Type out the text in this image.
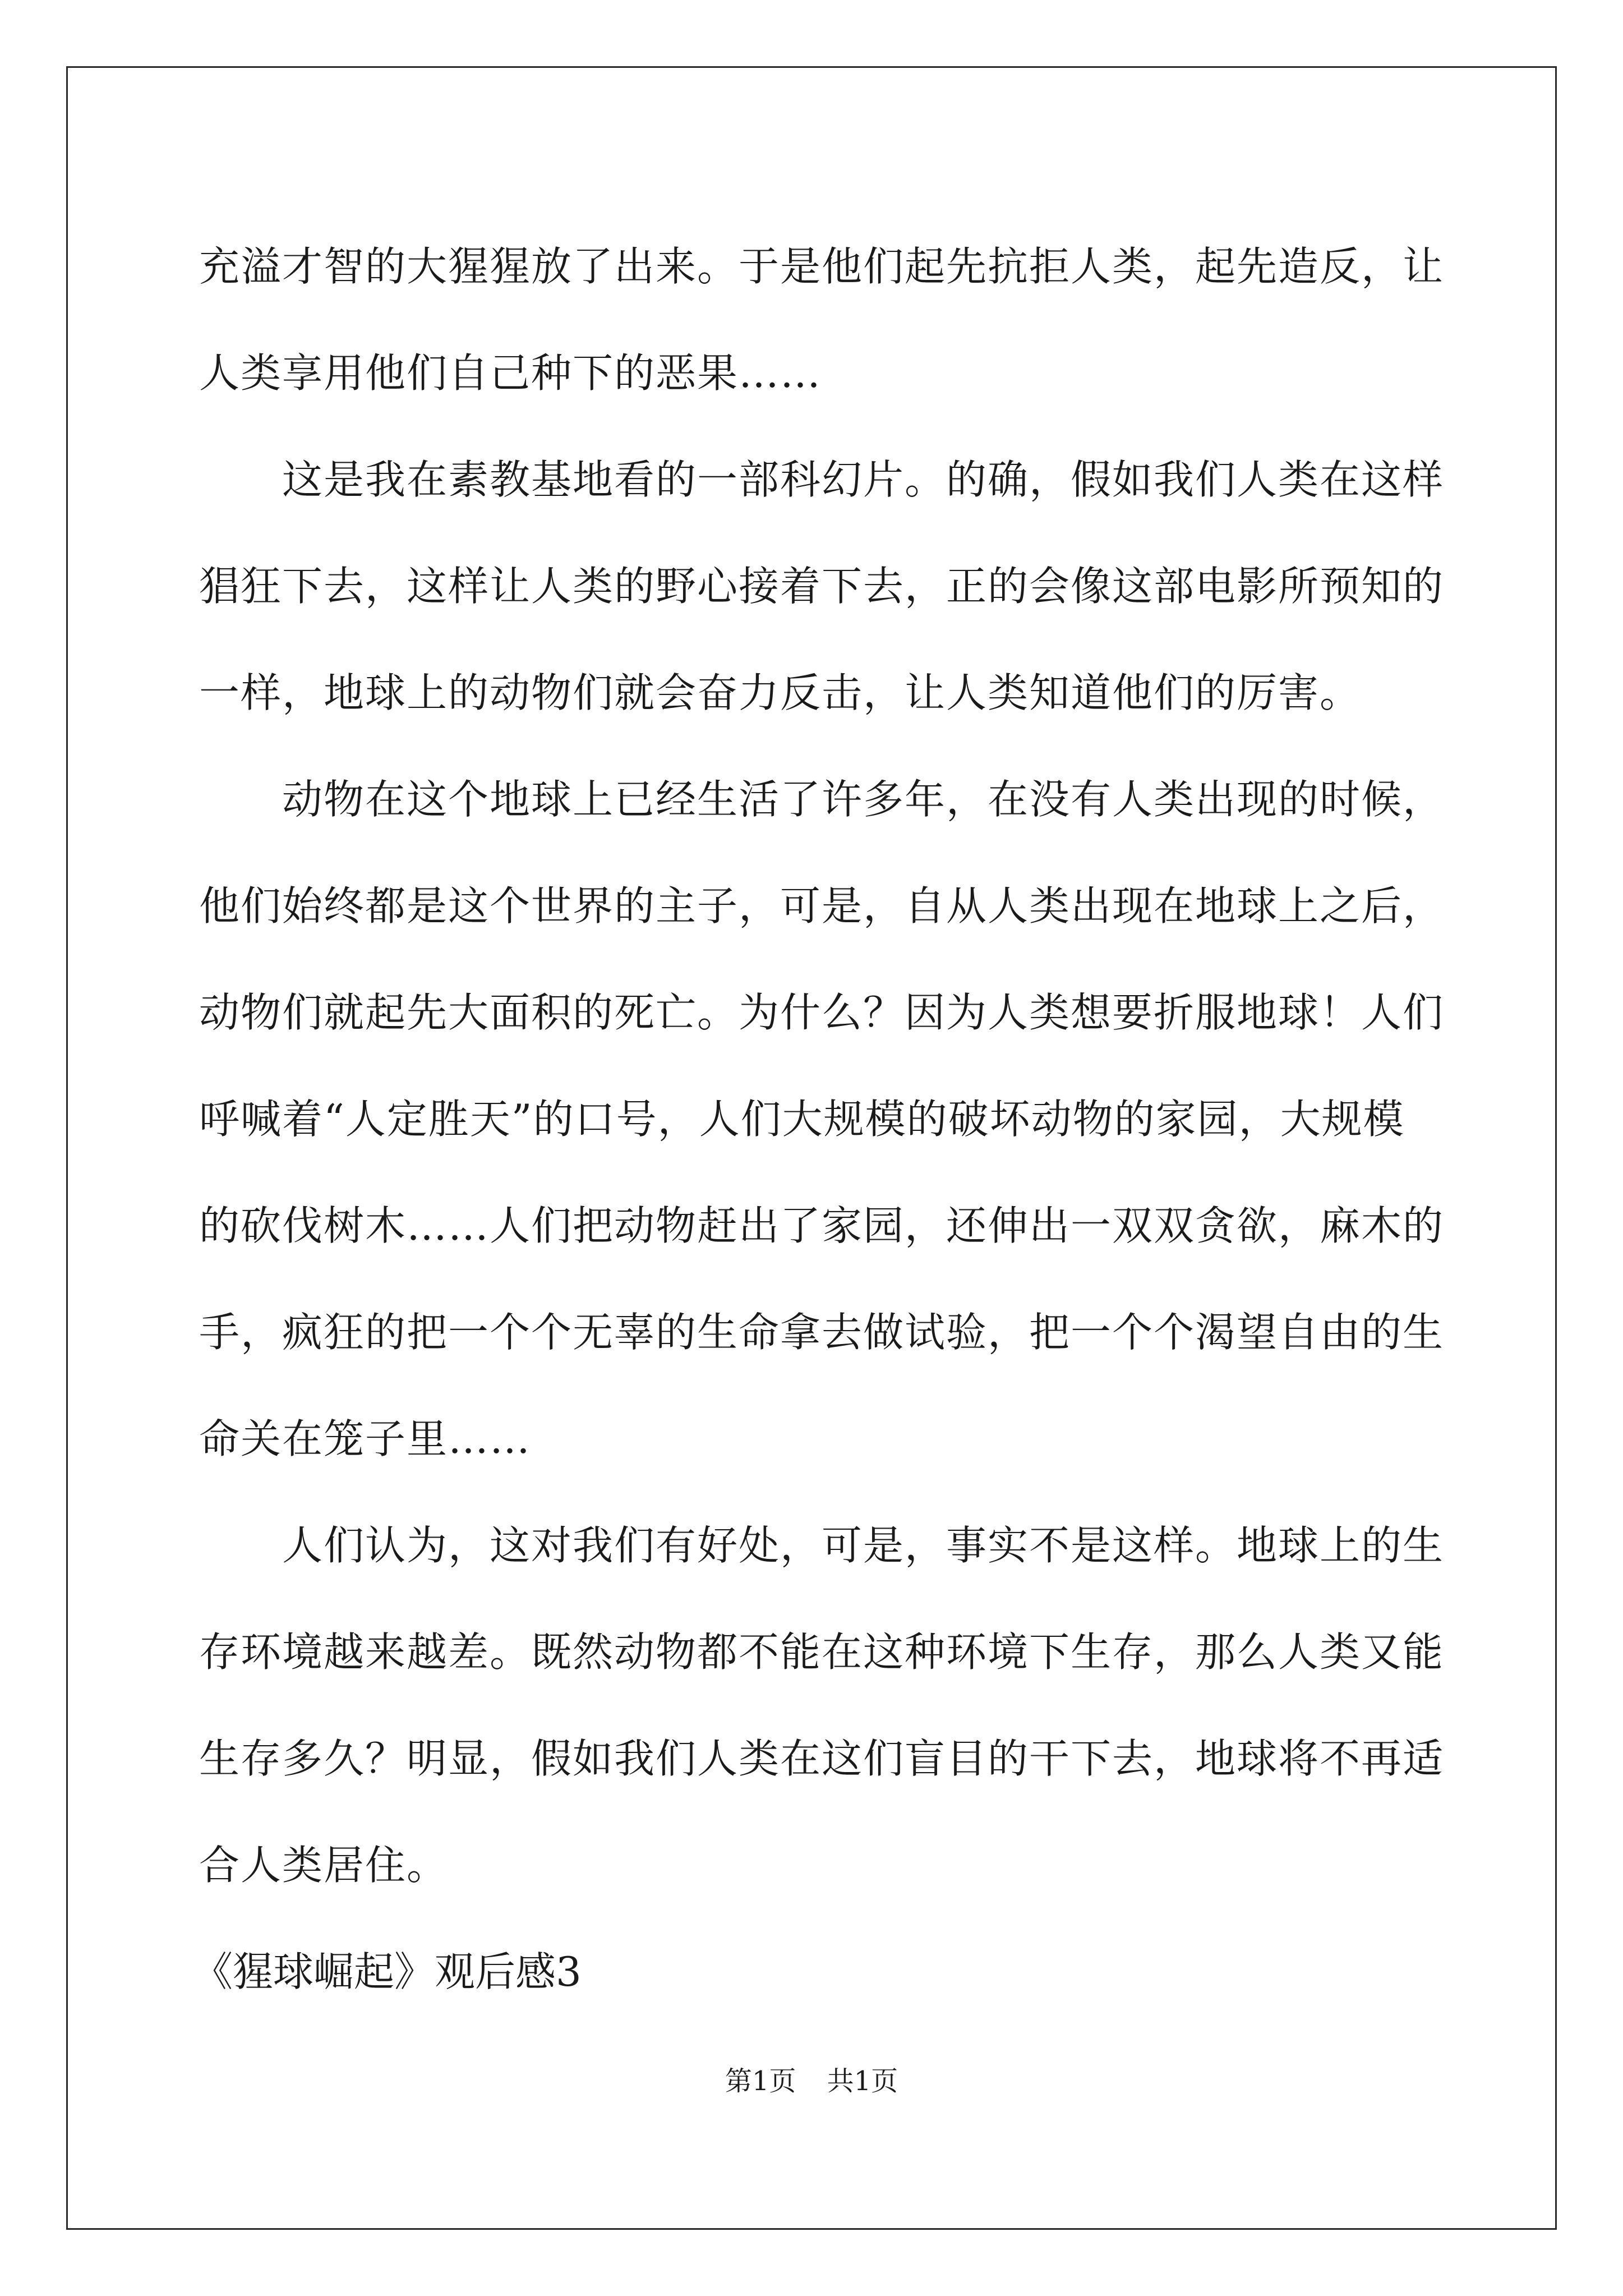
充溢才智的大猩猩放了出来。于是他们起先抗拒人类，起先造反，让
人类享用他们自己种下的恶果……
这是我在素教基地看的一部科幻片。的确，假如我们人类在这样
猖狂下去，这样让人类的野心接着下去，正的会像这部电影所预知的
一样，地球上的动物们就会奋力反击，让人类知道他们的厉害。
动物在这个地球上已经生活了许多年，在没有人类出现的时候，
他们始终都是这个世界的主子，可是，自从人类出现在地球上之后，
动物们就起先大面积的死亡。为什么？因为人类想要折服地球！人们
呼喊着“人定胜天”的口号，人们大规模的破坏动物的家园，大规模
的砍伐树木……人们把动物赶出了家园，还伸出一双双贪欲，麻木的
手，疯狂的把一个个无辜的生命拿去做试验，把一个个渴望自由的生
命关在笼子里……
人们认为，这对我们有好处，可是，事实不是这样。地球上的生
存环境越来越差。既然动物都不能在这种环境下生存，那么人类又能
生存多久？明显，假如我们人类在这们盲目的干下去，地球将不再适
合人类居住。
《猩球崛起》观后感3
第1页 共1页
